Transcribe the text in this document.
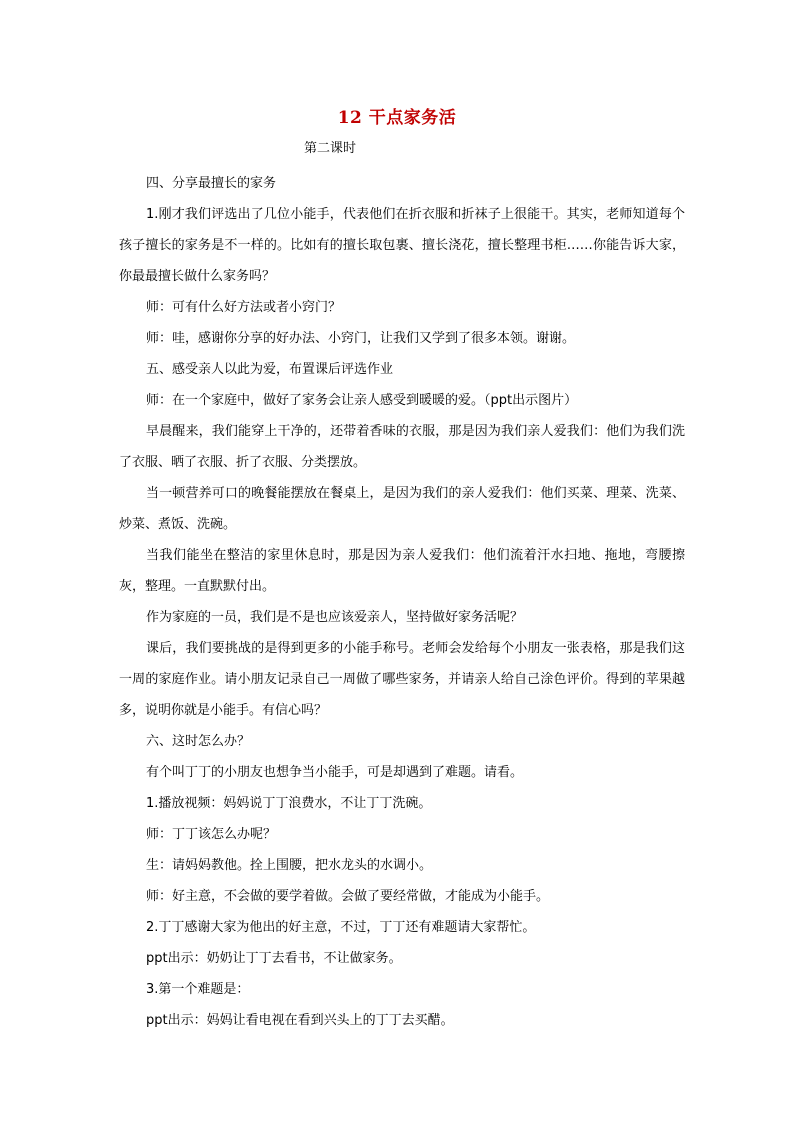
12 干点家务活
第二课时

四、分享最擅长的家务

1.刚才我们评选出了几位小能手，代表他们在折衣服和折袜子上很能干。其实，老师知道每个孩子擅长的家务是不一样的。比如有的擅长取包裹、擅长浇花，擅长整理书柜……你能告诉大家，你最最擅长做什么家务吗？

师：可有什么好方法或者小窍门？

师：哇，感谢你分享的好办法、小窍门，让我们又学到了很多本领。谢谢。

五、感受亲人以此为爱，布置课后评选作业

师：在一个家庭中，做好了家务会让亲人感受到暖暖的爱。（ppt出示图片）

早晨醒来，我们能穿上干净的，还带着香味的衣服，那是因为我们亲人爱我们：他们为我们洗了衣服、晒了衣服、折了衣服、分类摆放。

当一顿营养可口的晚餐能摆放在餐桌上，是因为我们的亲人爱我们：他们买菜、理菜、洗菜、炒菜、煮饭、洗碗。

当我们能坐在整洁的家里休息时，那是因为亲人爱我们：他们流着汗水扫地、拖地，弯腰擦灰，整理。一直默默付出。

作为家庭的一员，我们是不是也应该爱亲人，坚持做好家务活呢？

课后，我们要挑战的是得到更多的小能手称号。老师会发给每个小朋友一张表格，那是我们这一周的家庭作业。请小朋友记录自己一周做了哪些家务，并请亲人给自己涂色评价。得到的苹果越多，说明你就是小能手。有信心吗？

六、这时怎么办？

有个叫丁丁的小朋友也想争当小能手，可是却遇到了难题。请看。

1.播放视频：妈妈说丁丁浪费水，不让丁丁洗碗。

师：丁丁该怎么办呢？

生：请妈妈教他。拴上围腰，把水龙头的水调小。

师：好主意，不会做的要学着做。会做了要经常做，才能成为小能手。

2.丁丁感谢大家为他出的好主意，不过，丁丁还有难题请大家帮忙。

ppt出示：奶奶让丁丁去看书，不让做家务。

3.第一个难题是：

ppt出示：妈妈让看电视在看到兴头上的丁丁去买醋。
